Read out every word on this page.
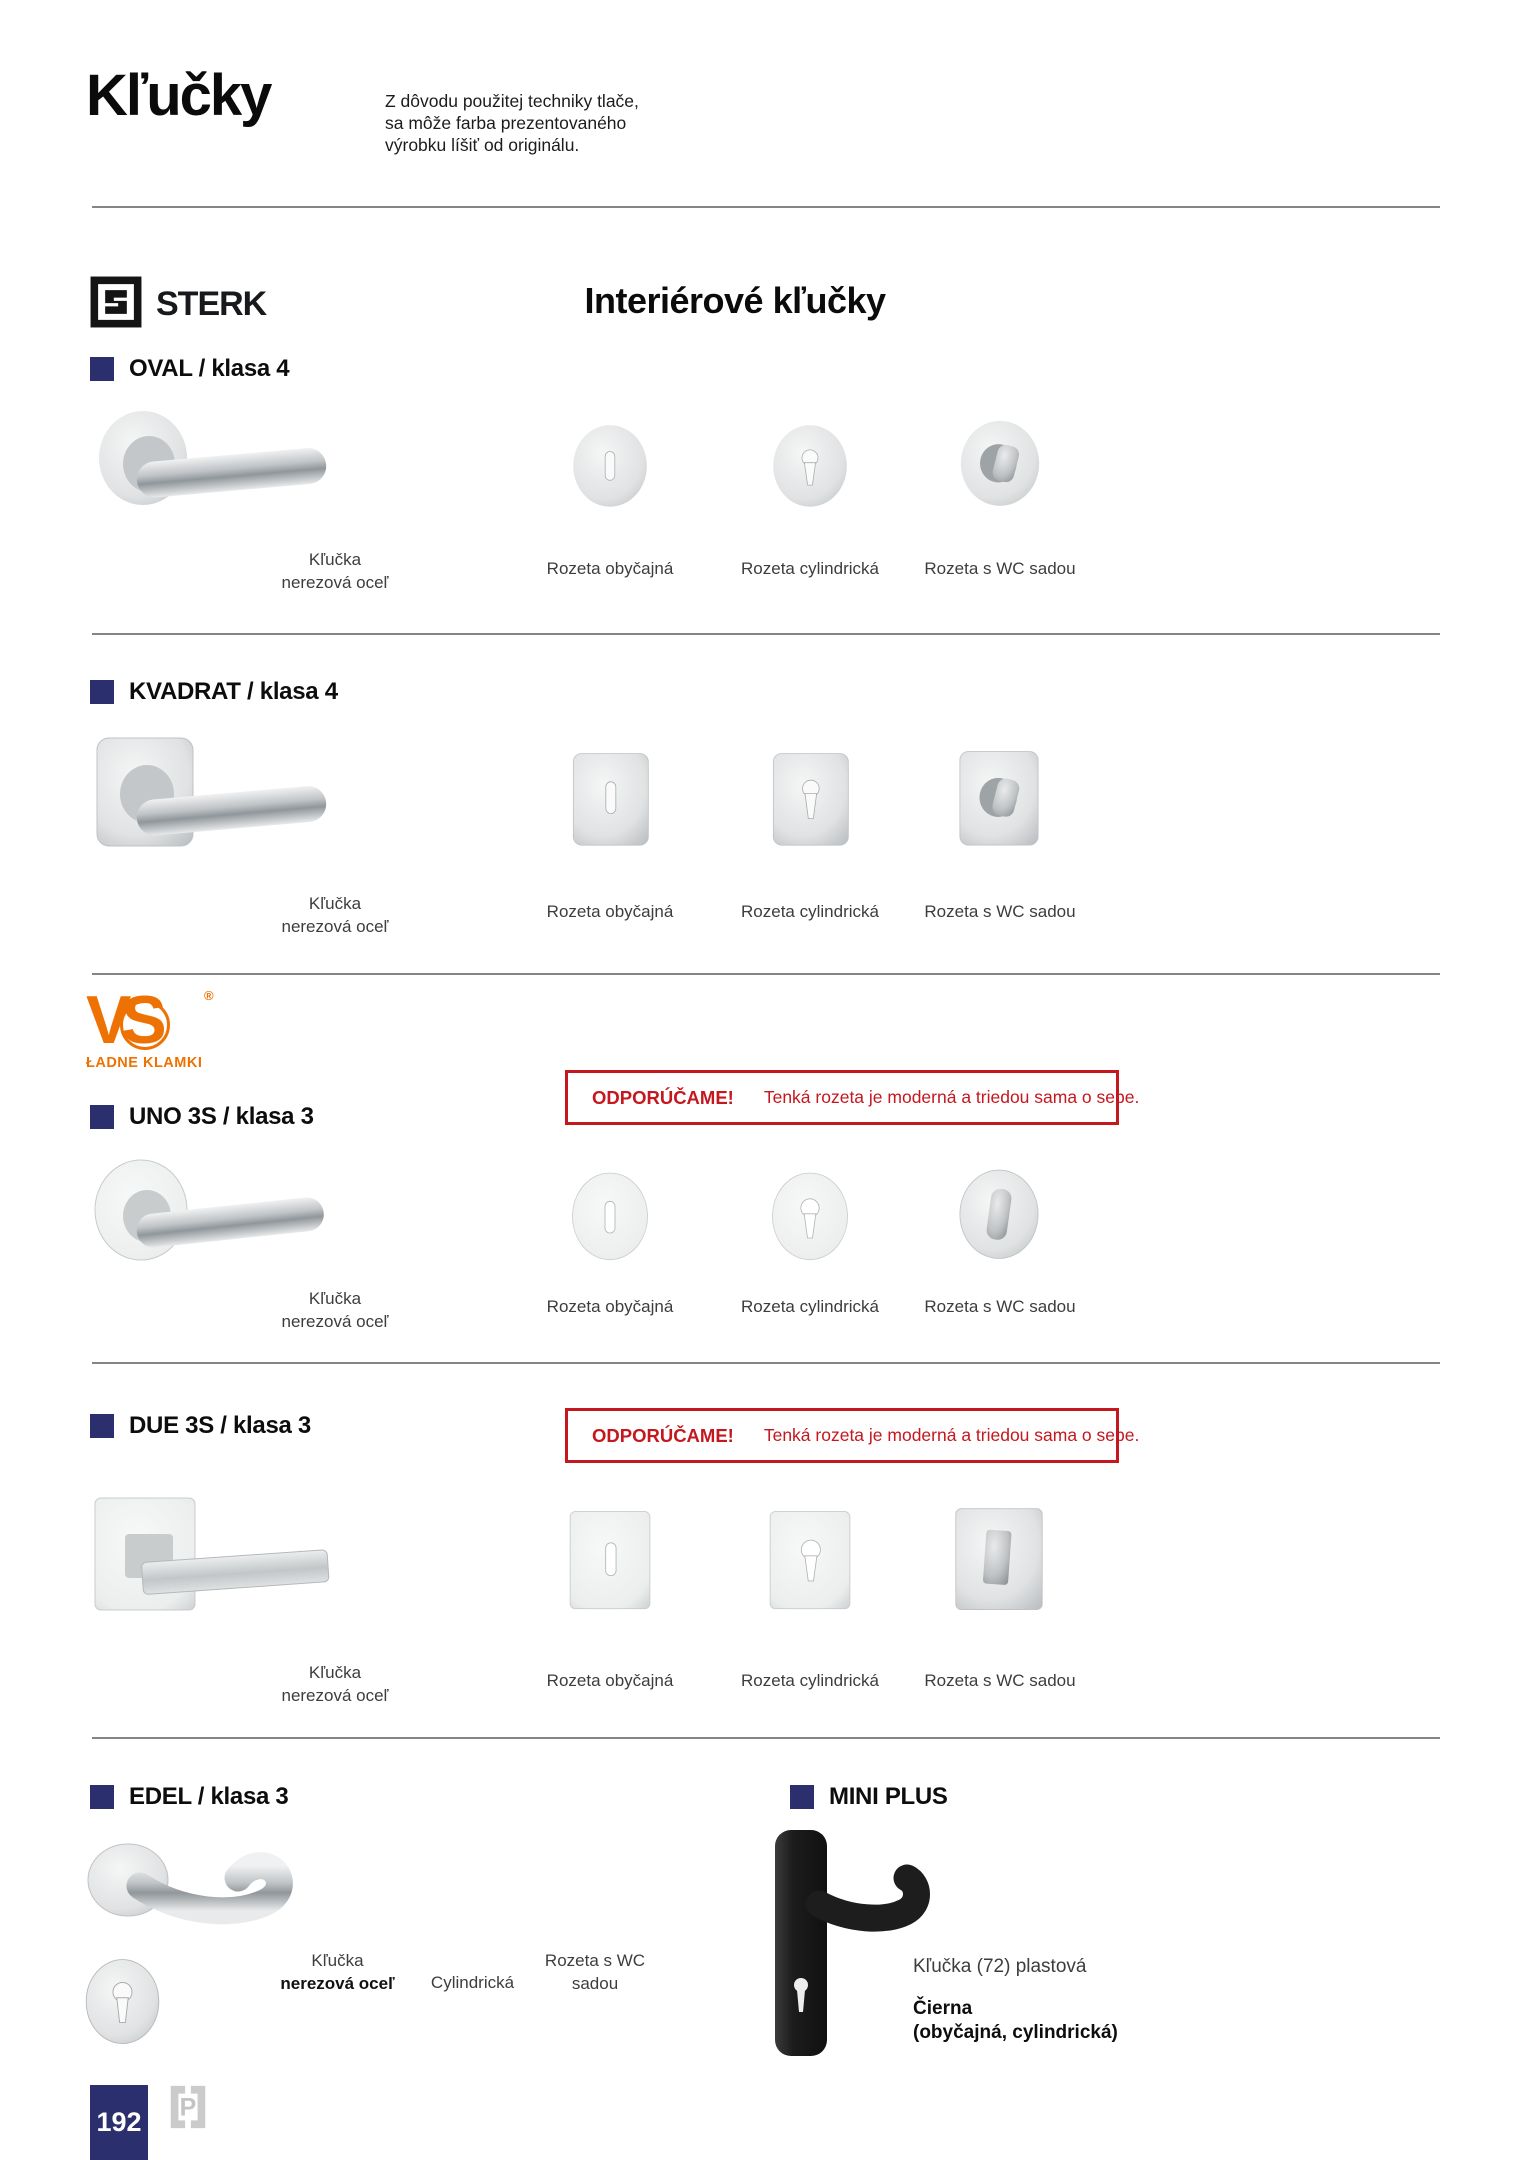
Kľučky	Z dôvodu použitej techniky tlače,
sa môže farba prezentovaného
výrobku líšiť od originálu.
STERK	Interiérové kľučky
OVAL / klasa 4
Kľučka
nerezová oceľ
Rozeta obyčajná	Rozeta cylindrická	Rozeta s WC sadou
KVADRAT / klasa 4
Kľučka
nerezová oceľ
Rozeta obyčajná	Rozeta cylindrická	Rozeta s WC sadou
VS	®
ŁADNE KLAMKI
ODPORÚČAME! Tenká rozeta je moderná a triedou sama o sebe.
UNO 3S / klasa 3
Kľučka
nerezová oceľ
Rozeta obyčajná	Rozeta cylindrická	Rozeta s WC sadou
DUE 3S / klasa 3	ODPORÚČAME! Tenká rozeta je moderná a triedou sama o sebe.
Kľučka
nerezová oceľ
Rozeta obyčajná	Rozeta cylindrická	Rozeta s WC sadou
EDEL / klasa 3	MINI PLUS
Kľučka
nerezová oceľ	Cylindrická
Rozeta s WC
sadou
Kľučka (72) plastová
Čierna
(obyčajná, cylindrická)
192 P
